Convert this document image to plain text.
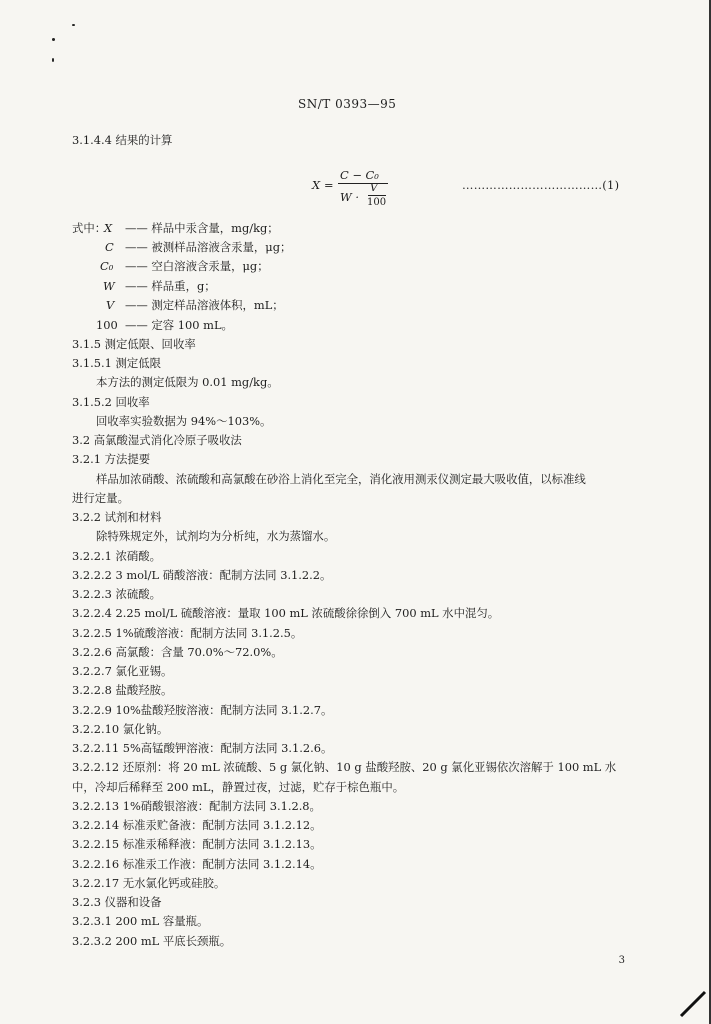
SN/T 0393—95
3.1.4.4 结果的计算
X =
C − C₀
W ·
V
100
………………………………(1)
式中：
X —— 样品中汞含量，mg/kg；
C —— 被测样品溶液含汞量，μg；
C₀ —— 空白溶液含汞量，μg；
W —— 样品重，g；
V —— 测定样品溶液体积，mL；
100 —— 定容 100 mL。
3.1.5 测定低限、回收率
3.1.5.1 测定低限
本方法的测定低限为 0.01 mg/kg。
3.1.5.2 回收率
回收率实验数据为 94%～103%。
3.2 高氯酸湿式消化冷原子吸收法
3.2.1 方法提要
样品加浓硝酸、浓硫酸和高氯酸在砂浴上消化至完全，消化液用测汞仪测定最大吸收值，以标准线
进行定量。
3.2.2 试剂和材料
除特殊规定外，试剂均为分析纯，水为蒸馏水。
3.2.2.1 浓硝酸。
3.2.2.2 3 mol/L 硝酸溶液：配制方法同 3.1.2.2。
3.2.2.3 浓硫酸。
3.2.2.4 2.25 mol/L 硫酸溶液：量取 100 mL 浓硫酸徐徐倒入 700 mL 水中混匀。
3.2.2.5 1%硫酸溶液：配制方法同 3.1.2.5。
3.2.2.6 高氯酸：含量 70.0%～72.0%。
3.2.2.7 氯化亚锡。
3.2.2.8 盐酸羟胺。
3.2.2.9 10%盐酸羟胺溶液：配制方法同 3.1.2.7。
3.2.2.10 氯化钠。
3.2.2.11 5%高锰酸钾溶液：配制方法同 3.1.2.6。
3.2.2.12 还原剂：将 20 mL 浓硫酸、5 g 氯化钠、10 g 盐酸羟胺、20 g 氯化亚锡依次溶解于 100 mL 水
中，冷却后稀释至 200 mL，静置过夜，过滤，贮存于棕色瓶中。
3.2.2.13 1%硝酸银溶液：配制方法同 3.1.2.8。
3.2.2.14 标准汞贮备液：配制方法同 3.1.2.12。
3.2.2.15 标准汞稀释液：配制方法同 3.1.2.13。
3.2.2.16 标准汞工作液：配制方法同 3.1.2.14。
3.2.2.17 无水氯化钙或硅胶。
3.2.3 仪器和设备
3.2.3.1 200 mL 容量瓶。
3.2.3.2 200 mL 平底长颈瓶。
3
